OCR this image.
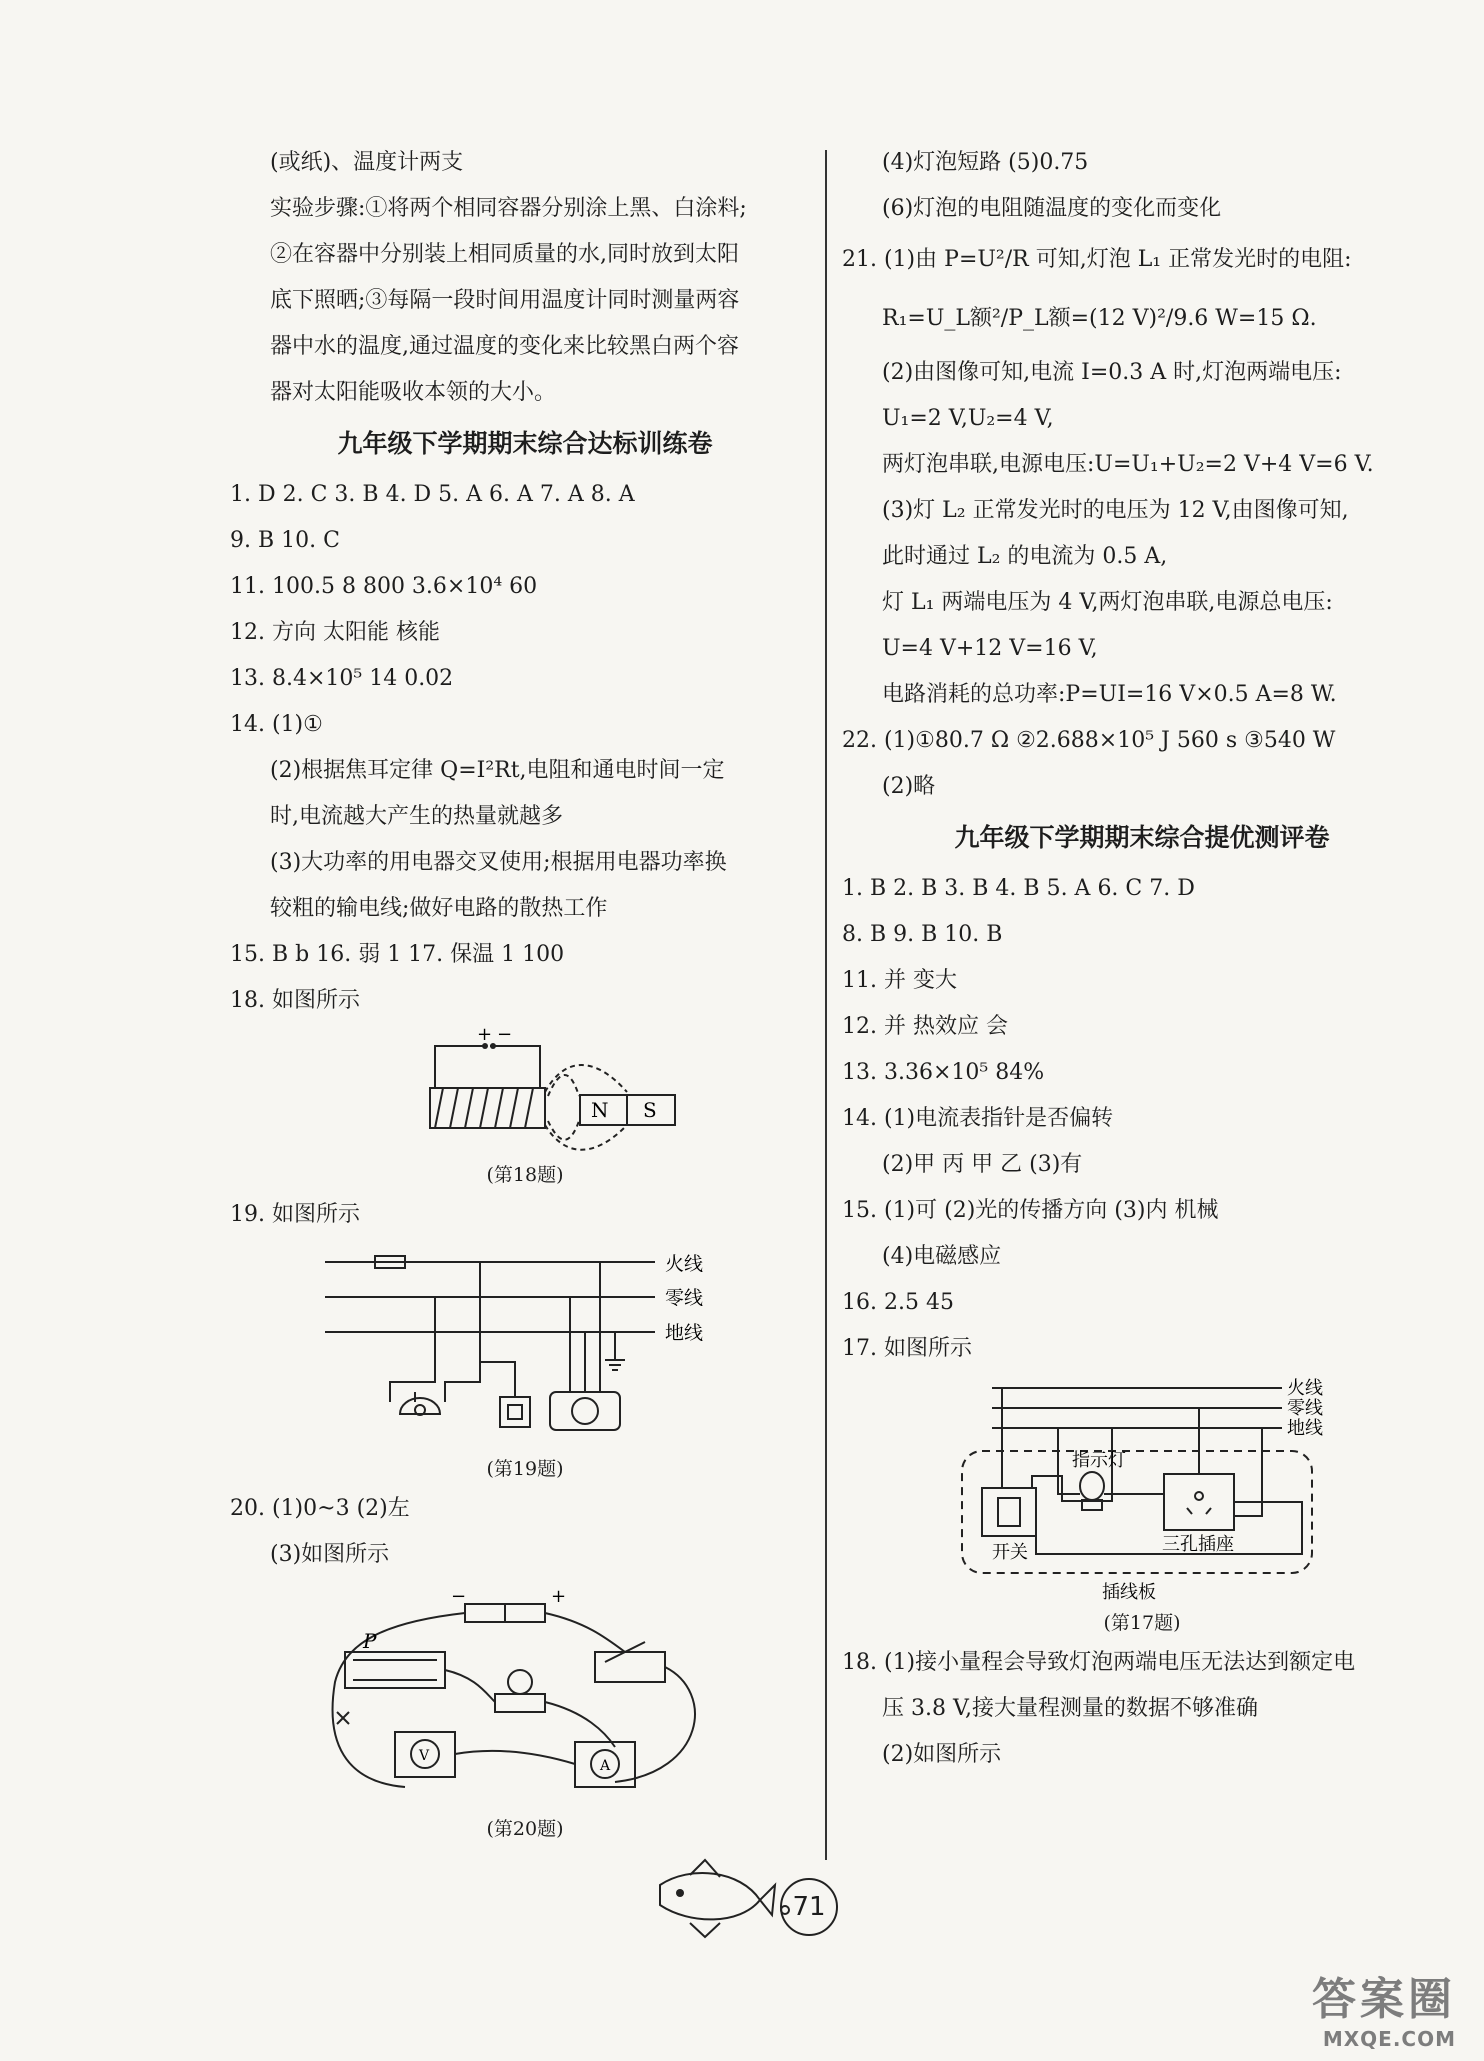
(或纸)、温度计两支

实验步骤:①将两个相同容器分别涂上黑、白涂料;

②在容器中分别装上相同质量的水,同时放到太阳

底下照晒;③每隔一段时间用温度计同时测量两容

器中水的温度,通过温度的变化来比较黑白两个容

器对太阳能吸收本领的大小。

九年级下学期期末综合达标训练卷

1. D 2. C 3. B 4. D 5. A 6. A 7. A 8. A

9. B 10. C

11. 100.5 8 800 3.6×10⁴ 60

12. 方向 太阳能 核能

13. 8.4×10⁵ 14 0.02

14. (1)①

(2)根据焦耳定律 Q=I²Rt,电阻和通电时间一定

时,电流越大产生的热量就越多

(3)大功率的用电器交叉使用;根据用电器功率换

较粗的输电线;做好电路的散热工作

15. B b 16. 弱 1 17. 保温 1 100

18. 如图所示

+ −
N S

(第18题)

19. 如图所示

火线
零线
地线

(第19题)

20. (1)0~3 (2)左

(3)如图所示

P
+
−
V
A

(第20题)

(4)灯泡短路 (5)0.75

(6)灯泡的电阻随温度的变化而变化

21. (1)由 P=U²/R 可知,灯泡 L₁ 正常发光时的电阻:

R₁=U_L额²/P_L额=(12 V)²/9.6 W=15 Ω.

(2)由图像可知,电流 I=0.3 A 时,灯泡两端电压:

U₁=2 V,U₂=4 V,

两灯泡串联,电源电压:U=U₁+U₂=2 V+4 V=6 V.

(3)灯 L₂ 正常发光时的电压为 12 V,由图像可知,

此时通过 L₂ 的电流为 0.5 A,

灯 L₁ 两端电压为 4 V,两灯泡串联,电源总电压:

U=4 V+12 V=16 V,

电路消耗的总功率:P=UI=16 V×0.5 A=8 W.

22. (1)①80.7 Ω ②2.688×10⁵ J 560 s ③540 W

(2)略

九年级下学期期末综合提优测评卷

1. B 2. B 3. B 4. B 5. A 6. C 7. D

8. B 9. B 10. B

11. 并 变大

12. 并 热效应 会

13. 3.36×10⁵ 84%

14. (1)电流表指针是否偏转

(2)甲 丙 甲 乙 (3)有

15. (1)可 (2)光的传播方向 (3)内 机械

(4)电磁感应

16. 2.5 45

17. 如图所示

火线
零线
地线
指示灯
开关	三孔插座
插线板

(第17题)

18. (1)接小量程会导致灯泡两端电压无法达到额定电

压 3.8 V,接大量程测量的数据不够准确

(2)如图所示

71
答案圈
MXQE.COM
